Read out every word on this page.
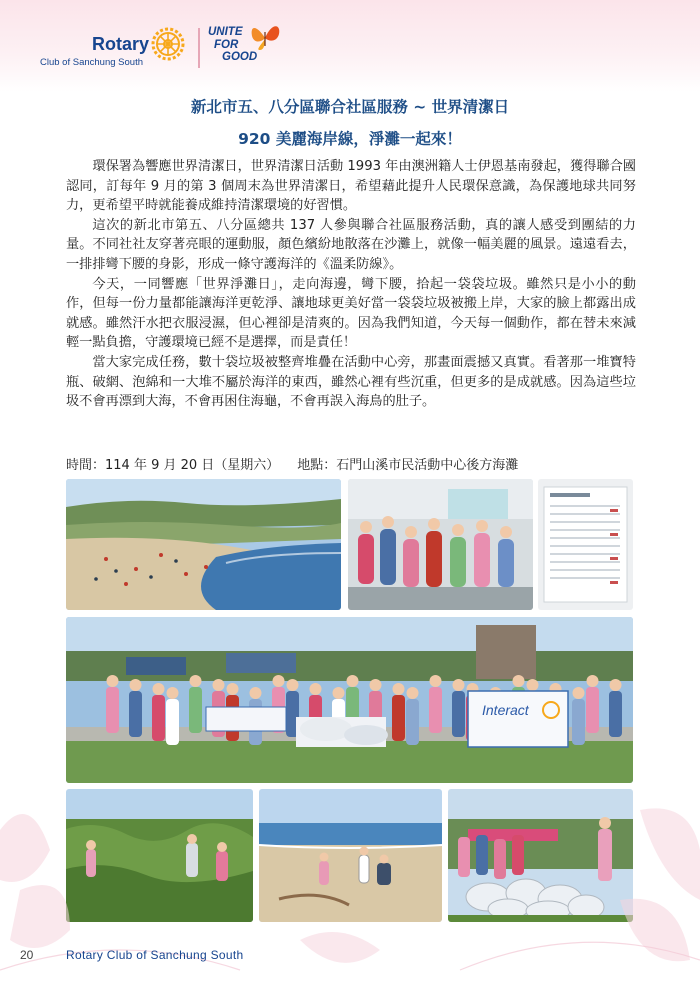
Rotary
Club of Sanchung South
UNITE
FOR
GOOD
新北市五、八分區聯合社區服務 ~ 世界清潔日
920 美麗海岸線，淨灘一起來！

環保署為響應世界清潔日，世界清潔日活動 1993 年由澳洲籍人士伊恩基南發起，獲得聯合國認同，訂每年 9 月的第 3 個周末為世界清潔日，希望藉此提升人民環保意識，為保護地球共同努力，更希望平時就能養成維持清潔環境的好習慣。

這次的新北市第五、八分區總共 137 人參與聯合社區服務活動，真的讓人感受到團結的力量。不同社社友穿著亮眼的運動服，顏色繽紛地散落在沙灘上，就像一幅美麗的風景。遠遠看去，一排排彎下腰的身影，形成一條守護海洋的《溫柔防線》。

今天，一同響應「世界淨灘日」，走向海邊，彎下腰，拾起一袋袋垃圾。雖然只是小小的動作，但每一份力量都能讓海洋更乾淨、讓地球更美好當一袋袋垃圾被搬上岸，大家的臉上都露出成就感。雖然汗水把衣服浸濕，但心裡卻是清爽的。因為我們知道，今天每一個動作，都在替未來減輕一點負擔，守護環境已經不是選擇，而是責任！

當大家完成任務，數十袋垃圾被整齊堆疊在活動中心旁，那畫面震撼又真實。看著那一堆寶特瓶、破網、泡綿和一大堆不屬於海洋的東西，雖然心裡有些沉重，但更多的是成就感。因為這些垃圾不會再漂到大海，不會再困住海龜，不會再誤入海鳥的肚子。

時間：114 年 9 月 20 日（星期六） 地點：石門山溪市民活動中心後方海灘
Interact
20	Rotary Club of Sanchung South
